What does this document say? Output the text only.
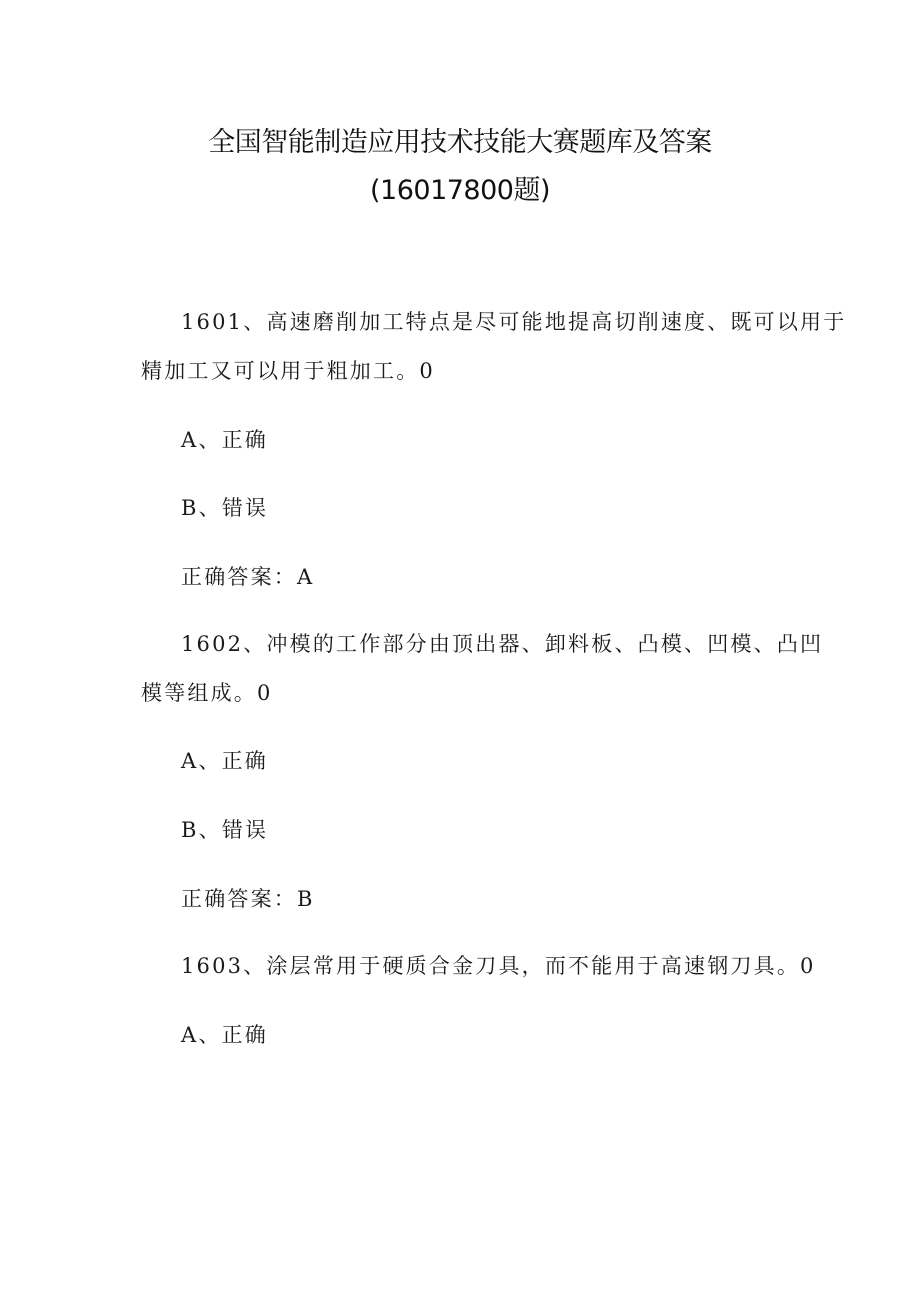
全国智能制造应用技术技能大赛题库及答案
(16017800题)
1601、高速磨削加工特点是尽可能地提高切削速度、既可以用于
精加工又可以用于粗加工。0
A、正确
B、错误
正确答案：A
1602、冲模的工作部分由顶出器、卸料板、凸模、凹模、凸凹
模等组成。0
A、正确
B、错误
正确答案：B
1603、涂层常用于硬质合金刀具，而不能用于高速钢刀具。0
A、正确
